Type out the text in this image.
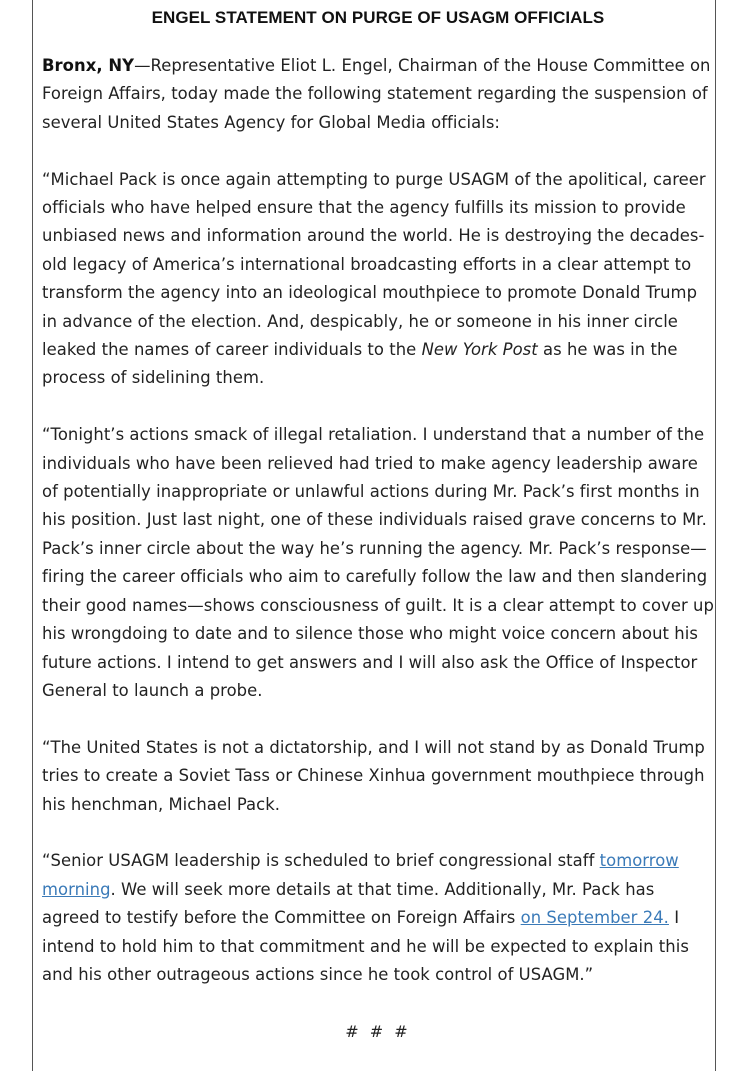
ENGEL STATEMENT ON PURGE OF USAGM OFFICIALS

Bronx, NY—Representative Eliot L. Engel, Chairman of the House Committee on Foreign Affairs, today made the following statement regarding the suspension of several United States Agency for Global Media officials:

“Michael Pack is once again attempting to purge USAGM of the apolitical, career officials who have helped ensure that the agency fulfills its mission to provide unbiased news and information around the world. He is destroying the decades-old legacy of America’s international broadcasting efforts in a clear attempt to transform the agency into an ideological mouthpiece to promote Donald Trump in advance of the election. And, despicably, he or someone in his inner circle leaked the names of career individuals to the New York Post as he was in the process of sidelining them.

“Tonight’s actions smack of illegal retaliation. I understand that a number of the individuals who have been relieved had tried to make agency leadership aware of potentially inappropriate or unlawful actions during Mr. Pack’s first months in his position. Just last night, one of these individuals raised grave concerns to Mr. Pack’s inner circle about the way he’s running the agency. Mr. Pack’s response—firing the career officials who aim to carefully follow the law and then slandering their good names—shows consciousness of guilt. It is a clear attempt to cover up his wrongdoing to date and to silence those who might voice concern about his future actions. I intend to get answers and I will also ask the Office of Inspector General to launch a probe.

“The United States is not a dictatorship, and I will not stand by as Donald Trump tries to create a Soviet Tass or Chinese Xinhua government mouthpiece through his henchman, Michael Pack.

“Senior USAGM leadership is scheduled to brief congressional staff tomorrow morning. We will seek more details at that time. Additionally, Mr. Pack has agreed to testify before the Committee on Foreign Affairs on September 24. I intend to hold him to that commitment and he will be expected to explain this and his other outrageous actions since he took control of USAGM.”

# # #
